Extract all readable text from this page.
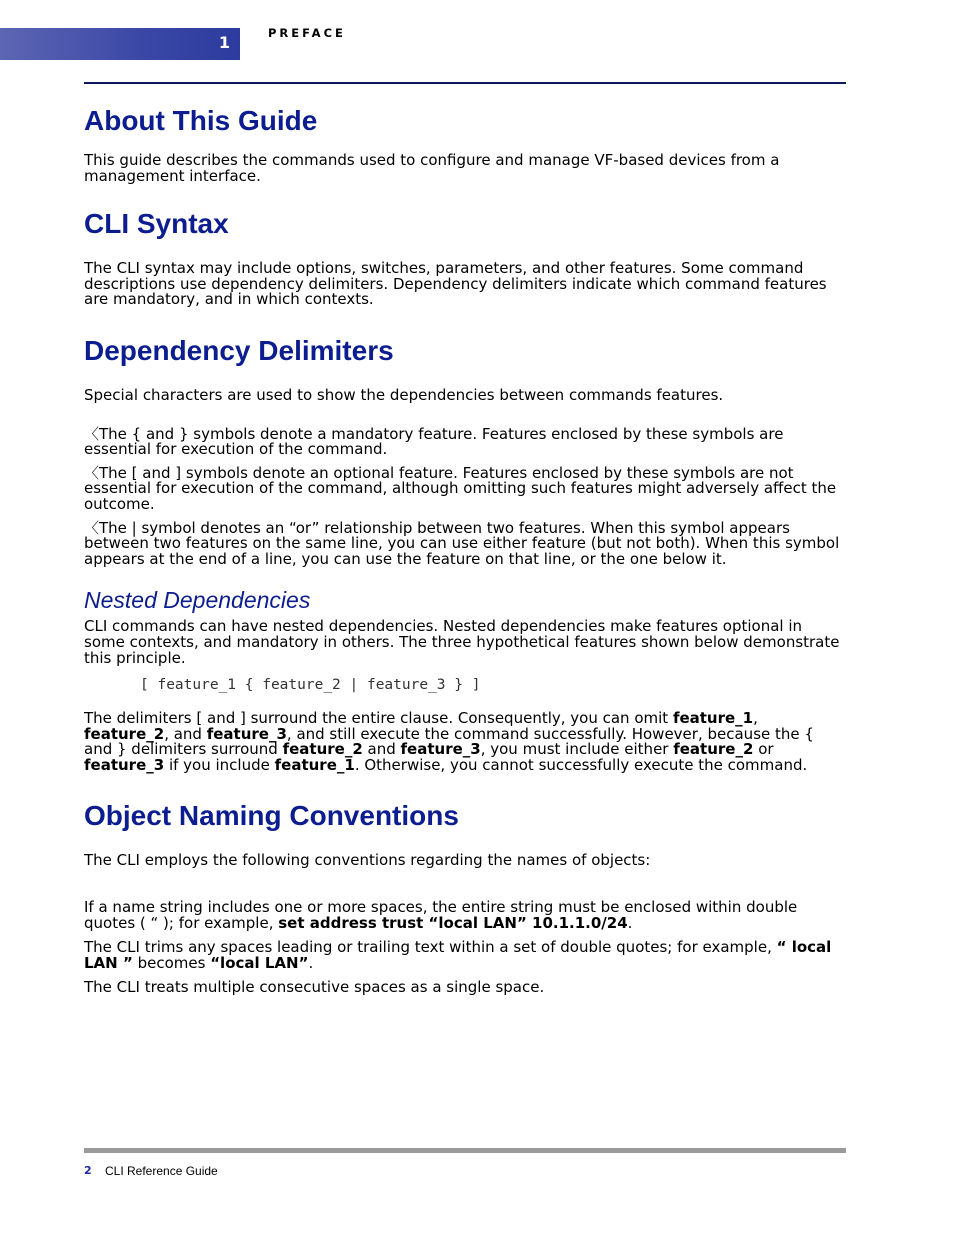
1	PREFACE
About This Guide

This guide describes the commands used to configure and manage VF-based devices from a management interface.

CLI Syntax

The CLI syntax may include options, switches, parameters, and other features. Some command descriptions use dependency delimiters. Dependency delimiters indicate which command features are mandatory, and in which contexts.

Dependency Delimiters

Special characters are used to show the dependencies between commands features.

〈The { and } symbols denote a mandatory feature. Features enclosed by these symbols are essential for execution of the command.

〈The [ and ] symbols denote an optional feature. Features enclosed by these symbols are not essential for execution of the command, although omitting such features might adversely affect the outcome.

〈The | symbol denotes an “or” relationship between two features. When this symbol appears between two features on the same line, you can use either feature (but not both). When this symbol appears at the end of a line, you can use the feature on that line, or the one below it.

Nested Dependencies

CLI commands can have nested dependencies. Nested dependencies make features optional in some contexts, and mandatory in others. The three hypothetical features shown below demonstrate this principle.

[ feature_1 { feature_2 | feature_3 } ]

The delimiters [ and ] surround the entire clause. Consequently, you can omit feature_1, feature_2, and feature_3, and still execute the command successfully. However, because the { and } delimiters surround feature_2 and feature_3, you must include either feature_2 or feature_3 if you include feature_1. Otherwise, you cannot successfully execute the command.

Object Naming Conventions

The CLI employs the following conventions regarding the names of objects:

If a name string includes one or more spaces, the entire string must be enclosed within double quotes ( “ ); for example, set address trust “local LAN” 10.1.1.0/24.

The CLI trims any spaces leading or trailing text within a set of double quotes; for example, “ local LAN ” becomes “local LAN”.

The CLI treats multiple consecutive spaces as a single space.

2 CLI Reference Guide
